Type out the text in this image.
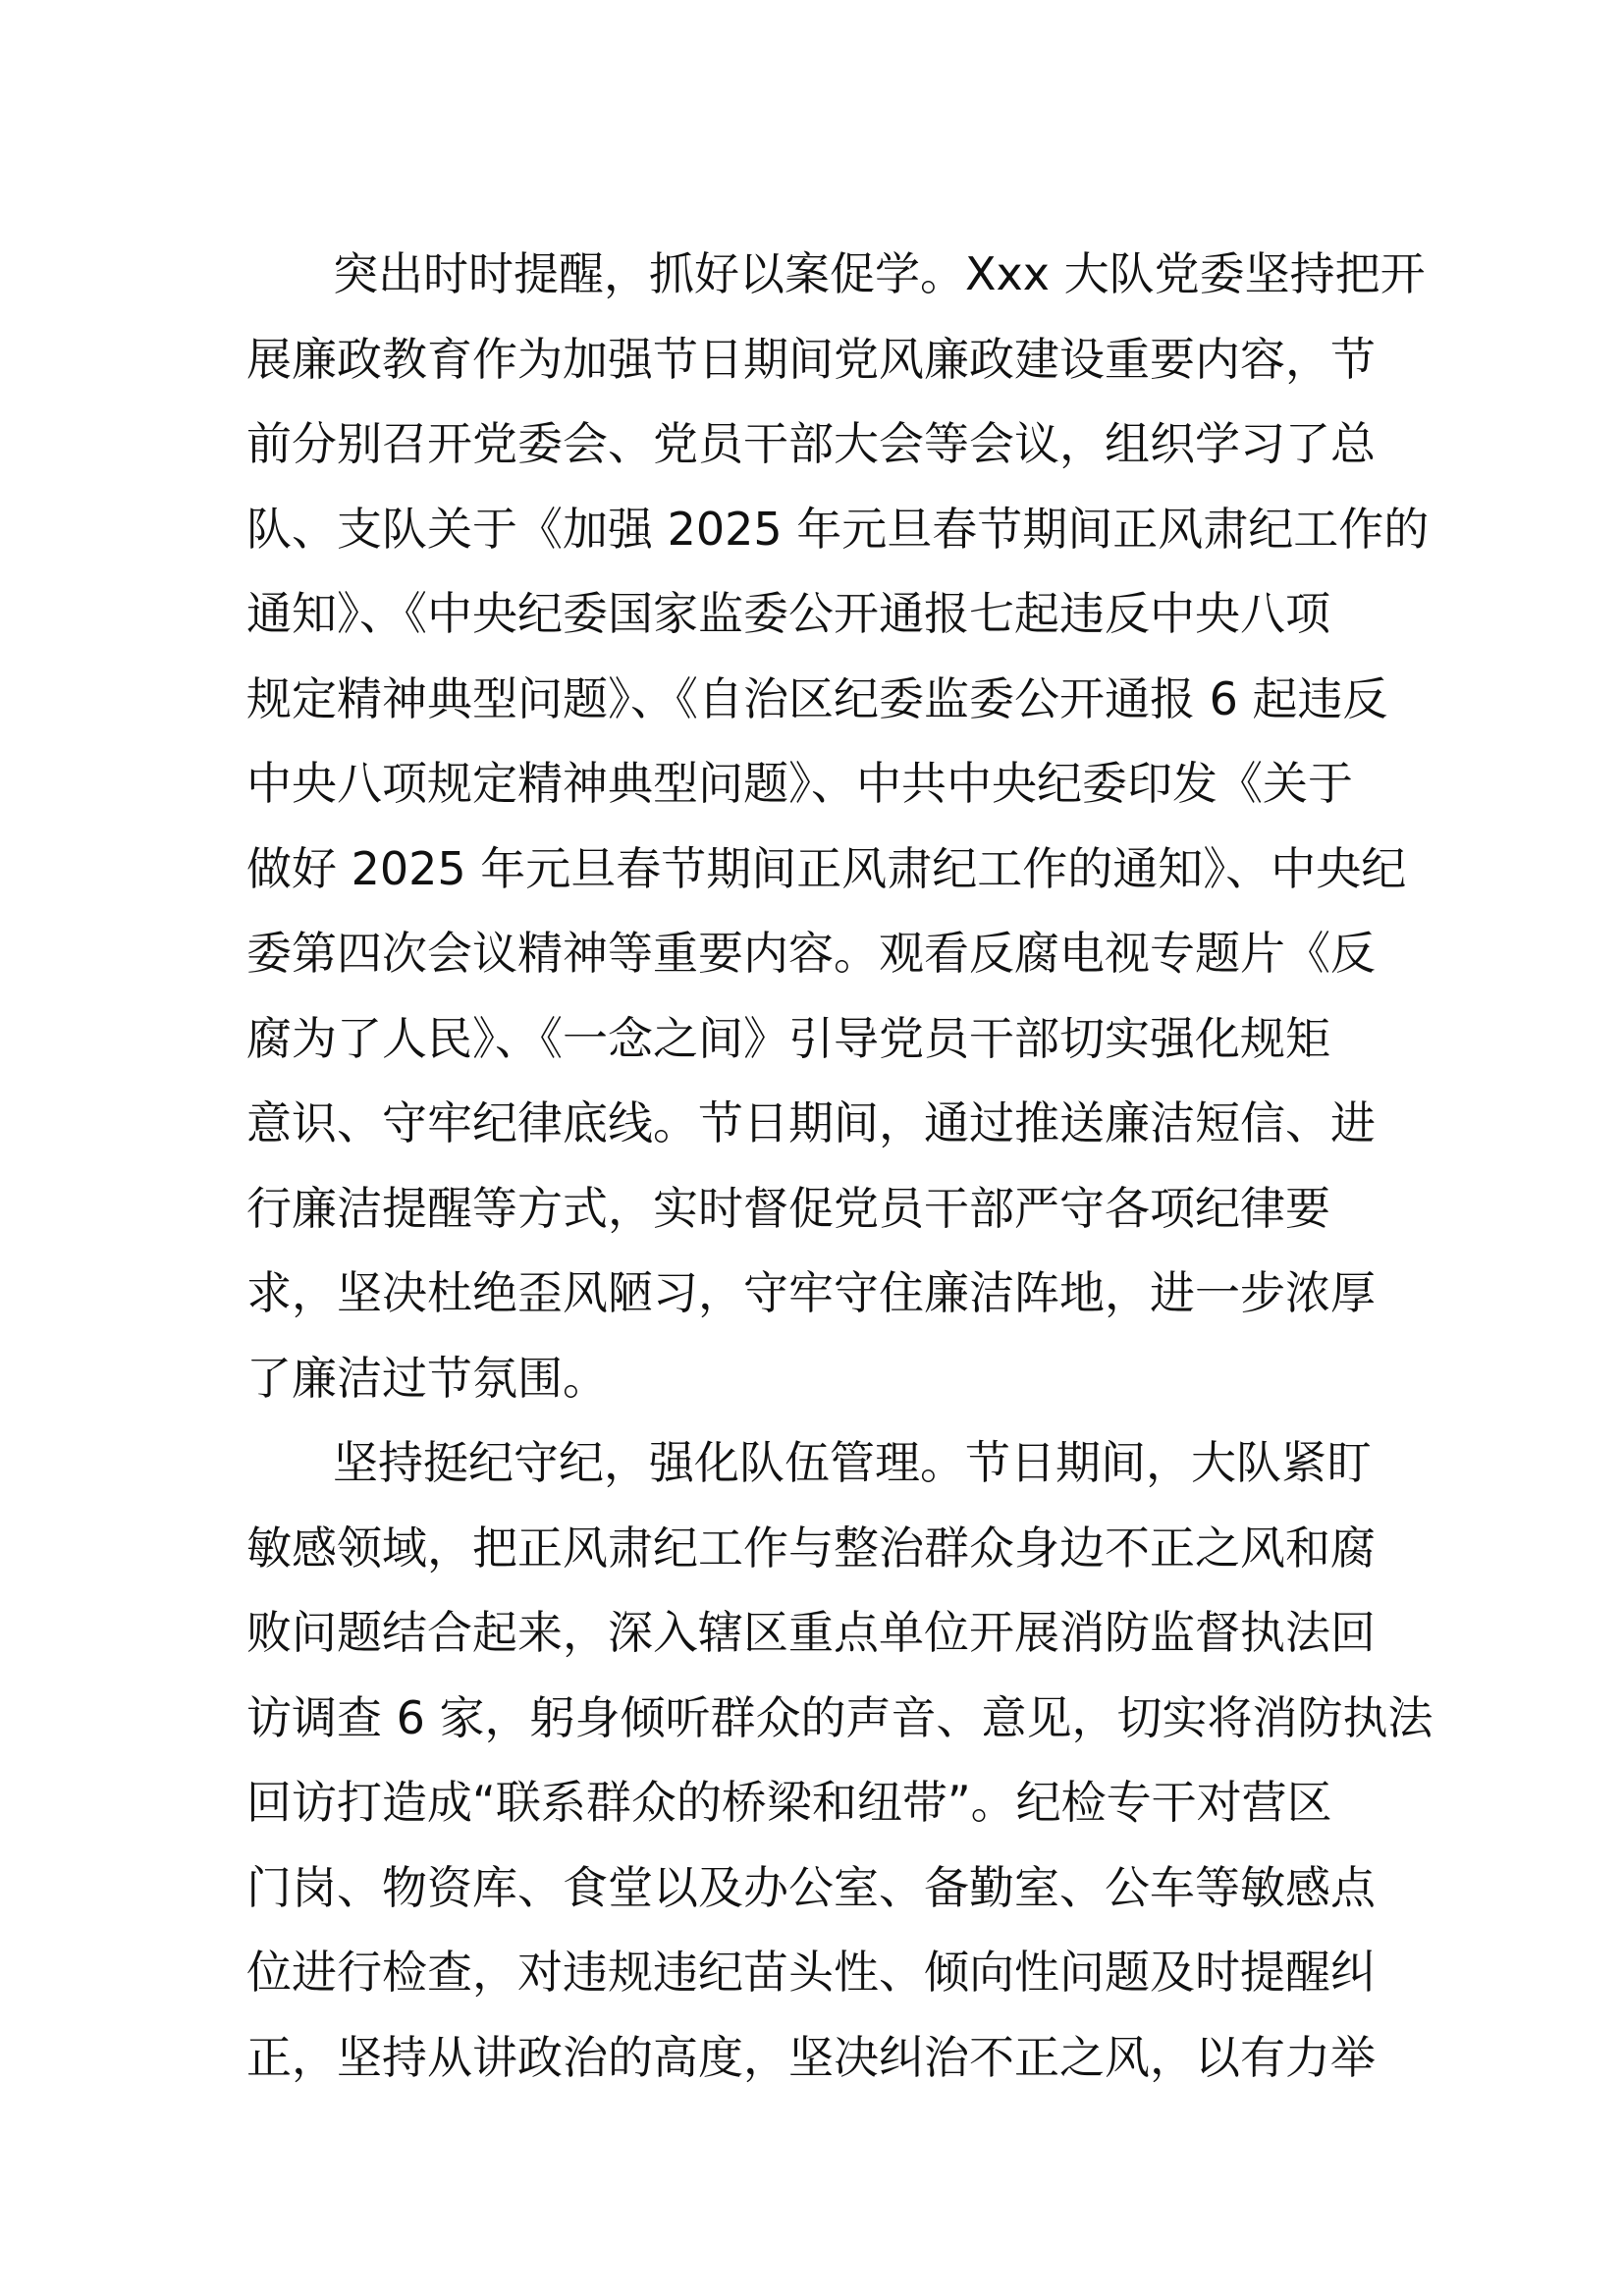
突出时时提醒，抓好以案促学。Xxx 大队党委坚持把开
展廉政教育作为加强节日期间党风廉政建设重要内容，节
前分别召开党委会、党员干部大会等会议，组织学习了总
队、支队关于《加强 2025 年元旦春节期间正风肃纪工作的
通知》、《中央纪委国家监委公开通报七起违反中央八项
规定精神典型问题》、《自治区纪委监委公开通报 6 起违反
中央八项规定精神典型问题》、中共中央纪委印发《关于
做好 2025 年元旦春节期间正风肃纪工作的通知》、中央纪
委第四次会议精神等重要内容。观看反腐电视专题片《反
腐为了人民》、《一念之间》引导党员干部切实强化规矩
意识、守牢纪律底线。节日期间，通过推送廉洁短信、进
行廉洁提醒等方式，实时督促党员干部严守各项纪律要
求，坚决杜绝歪风陋习，守牢守住廉洁阵地，进一步浓厚
了廉洁过节氛围。
坚持挺纪守纪，强化队伍管理。节日期间，大队紧盯
敏感领域，把正风肃纪工作与整治群众身边不正之风和腐
败问题结合起来，深入辖区重点单位开展消防监督执法回
访调查 6 家，躬身倾听群众的声音、意见，切实将消防执法
回访打造成“联系群众的桥梁和纽带”。纪检专干对营区
门岗、物资库、食堂以及办公室、备勤室、公车等敏感点
位进行检查，对违规违纪苗头性、倾向性问题及时提醒纠
正，坚持从讲政治的高度，坚决纠治不正之风，以有力举
